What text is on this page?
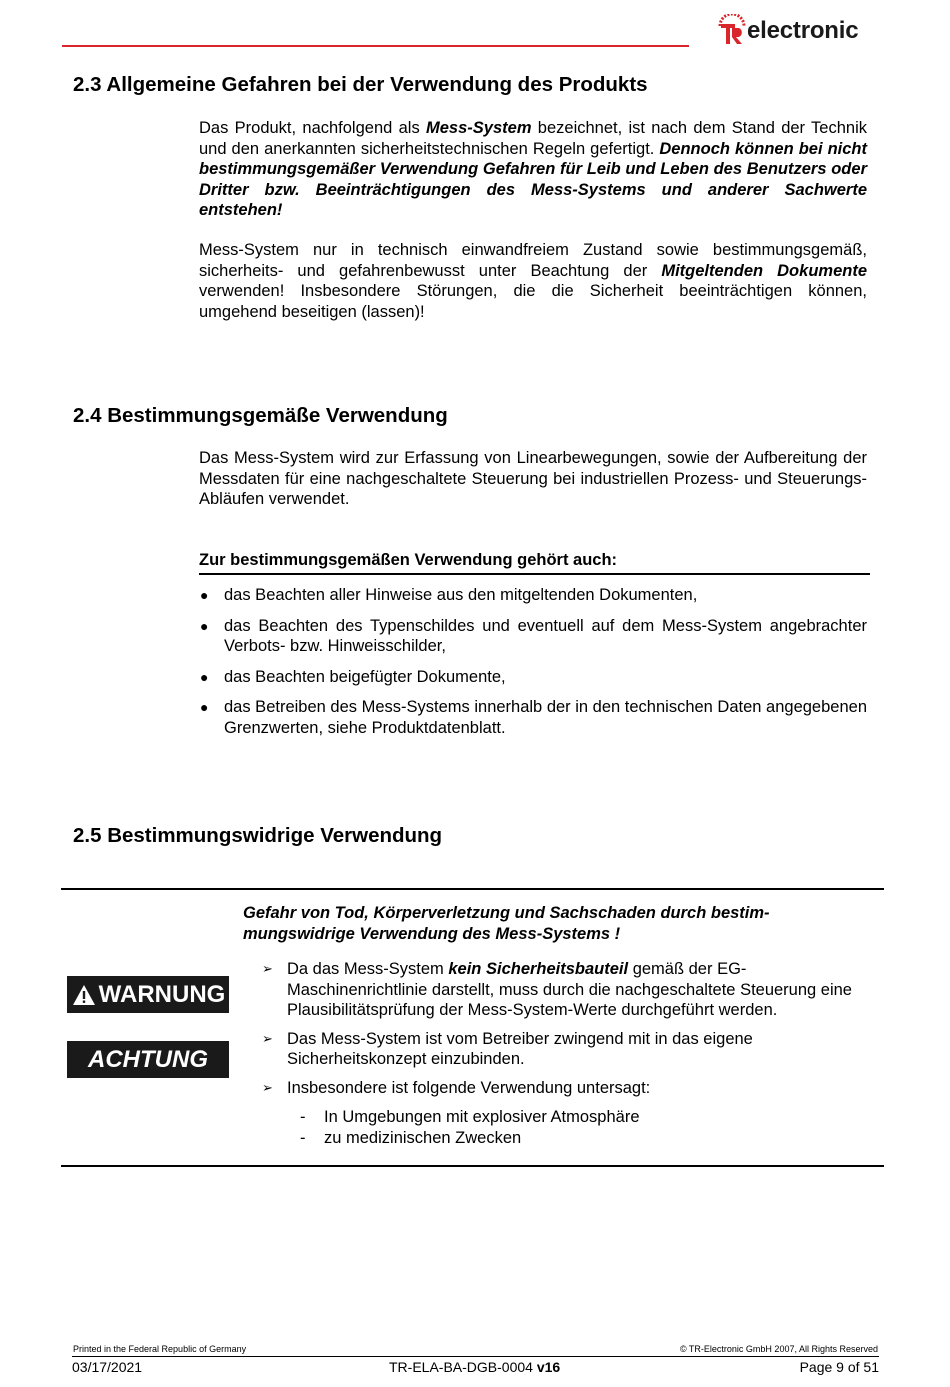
electronic
2.3 Allgemeine Gefahren bei der Verwendung des Produkts

Das Produkt, nachfolgend als Mess-System bezeichnet, ist nach dem Stand der Technik und den anerkannten sicherheitstechnischen Regeln gefertigt. Dennoch können bei nicht bestimmungsgemäßer Verwendung Gefahren für Leib und Leben des Benutzers oder Dritter bzw. Beeinträchtigungen des Mess-Systems und anderer Sachwerte entstehen!

Mess-System nur in technisch einwandfreiem Zustand sowie bestimmungsgemäß, sicherheits- und gefahrenbewusst unter Beachtung der Mitgeltenden Dokumente verwenden! Insbesondere Störungen, die die Sicherheit beeinträchtigen können, umgehend beseitigen (lassen)!

2.4 Bestimmungsgemäße Verwendung

Das Mess-System wird zur Erfassung von Linearbewegungen, sowie der Aufbereitung der Messdaten für eine nachgeschaltete Steuerung bei industriellen Prozess- und Steuerungs-Abläufen verwendet.

Zur bestimmungsgemäßen Verwendung gehört auch:
● das Beachten aller Hinweise aus den mitgeltenden Dokumenten,
● das Beachten des Typenschildes und eventuell auf dem Mess-System angebrachter Verbots- bzw. Hinweisschilder,
● das Beachten beigefügter Dokumente,
● das Betreiben des Mess-Systems innerhalb der in den technischen Daten angegebenen Grenzwerten, siehe Produktdatenblatt.
2.5 Bestimmungswidrige Verwendung
WARNUNG
ACHTUNG

Gefahr von Tod, Körperverletzung und Sachschaden durch bestim-mungswidrige Verwendung des Mess-Systems !

➢ Da das Mess-System kein Sicherheitsbauteil gemäß der EG-Maschinenrichtlinie darstellt, muss durch die nachgeschaltete Steuerung eine Plausibilitätsprüfung der Mess-System-Werte durchgeführt werden.
➢ Das Mess-System ist vom Betreiber zwingend mit in das eigene Sicherheitskonzept einzubinden.
➢ Insbesondere ist folgende Verwendung untersagt:
- In Umgebungen mit explosiver Atmosphäre
- zu medizinischen Zwecken
Printed in the Federal Republic of Germany	© TR-Electronic GmbH 2007, All Rights Reserved
03/17/2021	TR-ELA-BA-DGB-0004 v16	Page 9 of 51
